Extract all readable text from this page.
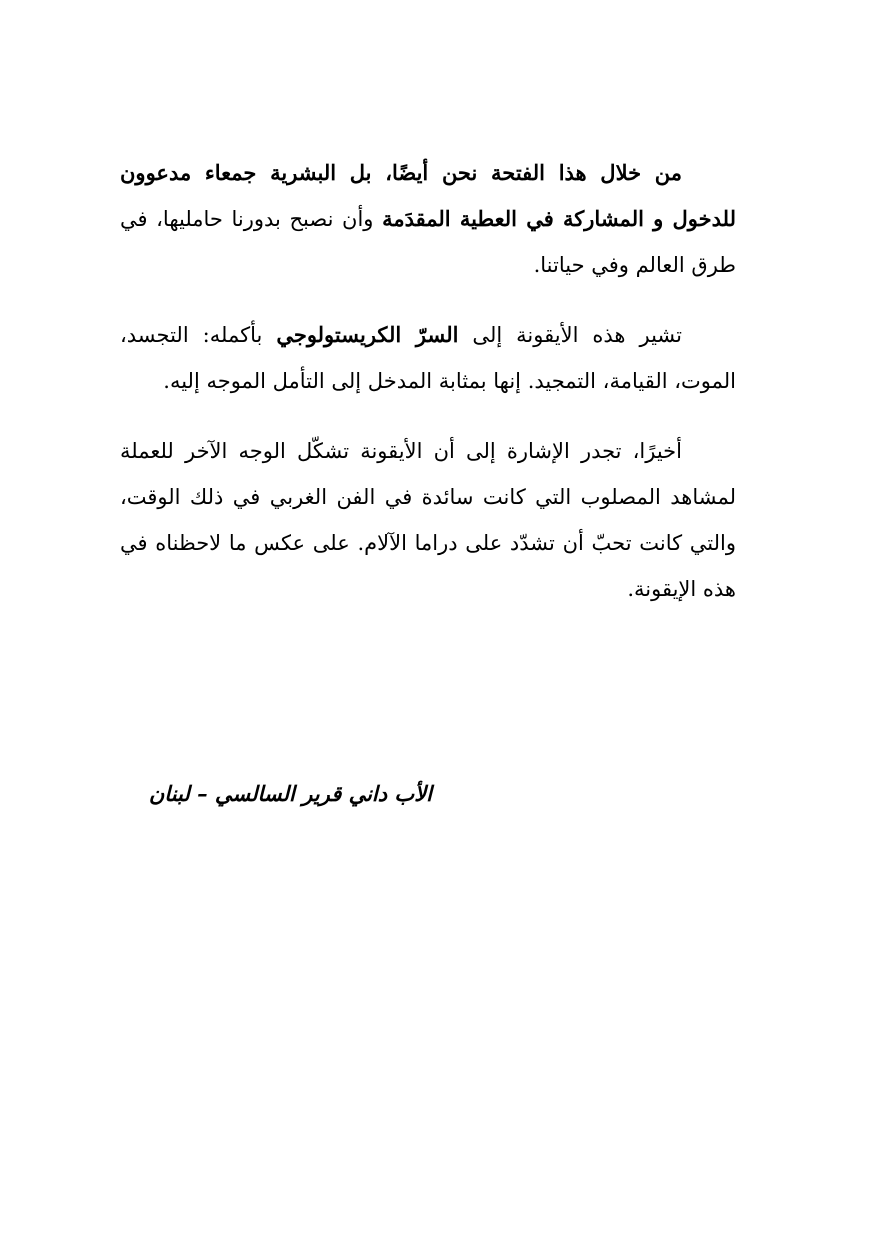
من خلال هذا الفتحة نحن أيضًا، بل البشرية جمعاء مدعوون للدخول و المشاركة في العطية المقدَمة وأن نصبح بدورنا حامليها، في طرق العالم وفي حياتنا.

تشير هذه الأيقونة إلى السرّ الكريستولوجي بأكمله: التجسد، الموت، القيامة، التمجيد. إنها بمثابة المدخل إلى التأمل الموجه إليه.

أخيرًا، تجدر الإشارة إلى أن الأيقونة تشكّل الوجه الآخر للعملة لمشاهد المصلوب التي كانت سائدة في الفن الغربي في ذلك الوقت، والتي كانت تحبّ أن تشدّد على دراما الآلام. على عكس ما لاحظناه في هذه الإيقونة.

الأب داني قرير السالسي – لبنان
